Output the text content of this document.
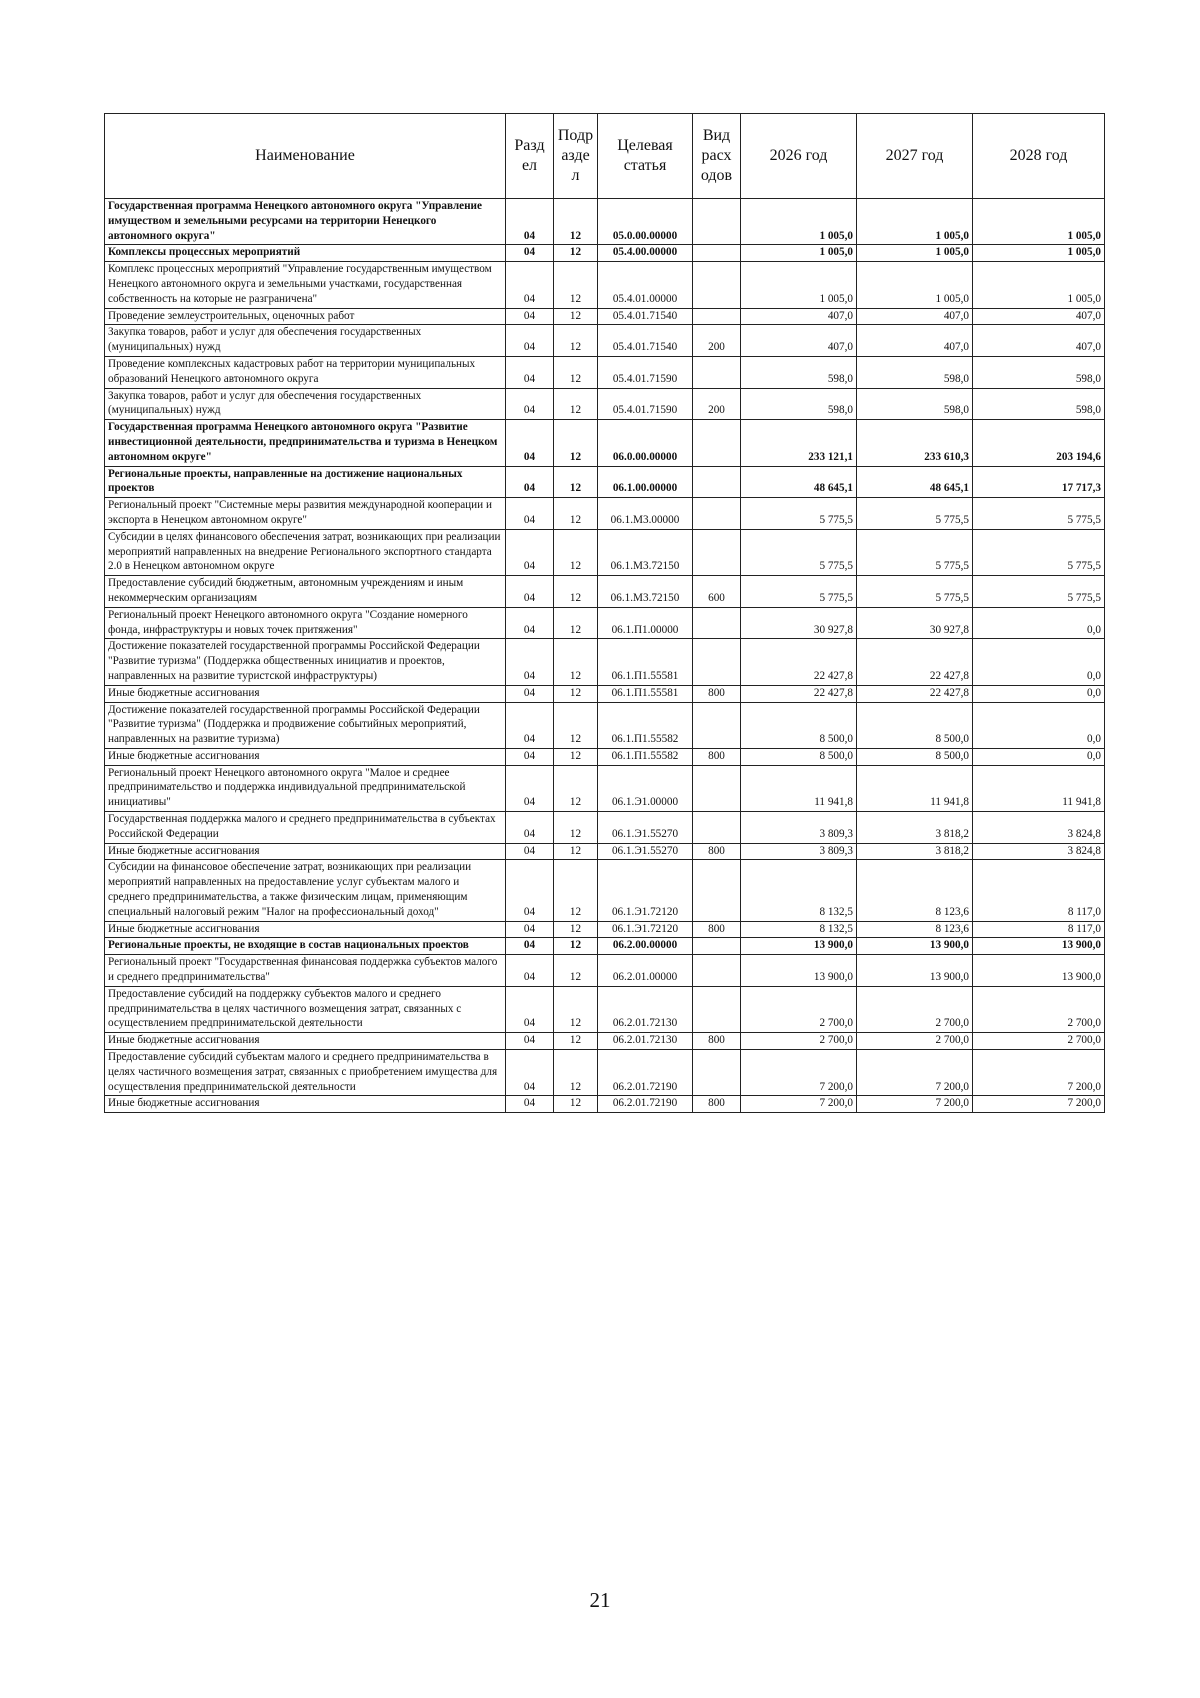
Наименование	Разд ел	Подр азде л	Целевая статья	Вид расх одов	2026 год	2027 год	2028 год
Государственная программа Ненецкого автономного округа "Управление имуществом и земельными ресурсами на территории Ненецкого автономного округа"	04	12	05.0.00.00000		1 005,0	1 005,0	1 005,0
Комплексы процессных мероприятий	04	12	05.4.00.00000		1 005,0	1 005,0	1 005,0
Комплекс процессных мероприятий "Управление государственным имуществом Ненецкого автономного округа и земельными участками, государственная собственность на которые не разграничена"	04	12	05.4.01.00000		1 005,0	1 005,0	1 005,0
Проведение землеустроительных, оценочных работ	04	12	05.4.01.71540		407,0	407,0	407,0
Закупка товаров, работ и услуг для обеспечения государственных (муниципальных) нужд	04	12	05.4.01.71540	200	407,0	407,0	407,0
Проведение комплексных кадастровых работ на территории муниципальных образований Ненецкого автономного округа	04	12	05.4.01.71590		598,0	598,0	598,0
Закупка товаров, работ и услуг для обеспечения государственных (муниципальных) нужд	04	12	05.4.01.71590	200	598,0	598,0	598,0
Государственная программа Ненецкого автономного округа "Развитие инвестиционной деятельности, предпринимательства и туризма в Ненецком автономном округе"	04	12	06.0.00.00000		233 121,1	233 610,3	203 194,6
Региональные проекты, направленные на достижение национальных проектов	04	12	06.1.00.00000		48 645,1	48 645,1	17 717,3
Региональный проект "Системные меры развития международной кооперации и экспорта в Ненецком автономном округе"	04	12	06.1.М3.00000		5 775,5	5 775,5	5 775,5
Субсидии в целях финансового обеспечения затрат, возникающих при реализации мероприятий направленных на внедрение Регионального экспортного стандарта 2.0 в Ненецком автономном округе	04	12	06.1.М3.72150		5 775,5	5 775,5	5 775,5
Предоставление субсидий бюджетным, автономным учреждениям и иным некоммерческим организациям	04	12	06.1.М3.72150	600	5 775,5	5 775,5	5 775,5
Региональный проект Ненецкого автономного округа "Создание номерного фонда, инфраструктуры и новых точек притяжения"	04	12	06.1.П1.00000		30 927,8	30 927,8	0,0
Достижение показателей государственной программы Российской Федерации "Развитие туризма" (Поддержка общественных инициатив и проектов, направленных на развитие туристской инфраструктуры)	04	12	06.1.П1.55581		22 427,8	22 427,8	0,0
Иные бюджетные ассигнования	04	12	06.1.П1.55581	800	22 427,8	22 427,8	0,0
Достижение показателей государственной программы Российской Федерации "Развитие туризма" (Поддержка и продвижение событийных мероприятий, направленных на развитие туризма)	04	12	06.1.П1.55582		8 500,0	8 500,0	0,0
Иные бюджетные ассигнования	04	12	06.1.П1.55582	800	8 500,0	8 500,0	0,0
Региональный проект Ненецкого автономного округа "Малое и среднее предпринимательство и поддержка индивидуальной предпринимательской инициативы"	04	12	06.1.Э1.00000		11 941,8	11 941,8	11 941,8
Государственная поддержка малого и среднего предпринимательства в субъектах Российской Федерации	04	12	06.1.Э1.55270		3 809,3	3 818,2	3 824,8
Иные бюджетные ассигнования	04	12	06.1.Э1.55270	800	3 809,3	3 818,2	3 824,8
Субсидии на финансовое обеспечение затрат, возникающих при реализации мероприятий направленных на предоставление услуг субъектам малого и среднего предпринимательства, а также физическим лицам, применяющим специальный налоговый режим "Налог на профессиональный доход"	04	12	06.1.Э1.72120		8 132,5	8 123,6	8 117,0
Иные бюджетные ассигнования	04	12	06.1.Э1.72120	800	8 132,5	8 123,6	8 117,0
Региональные проекты, не входящие в состав национальных проектов	04	12	06.2.00.00000		13 900,0	13 900,0	13 900,0
Региональный проект "Государственная финансовая поддержка субъектов малого и среднего предпринимательства"	04	12	06.2.01.00000		13 900,0	13 900,0	13 900,0
Предоставление субсидий на поддержку субъектов малого и среднего предпринимательства в целях частичного возмещения затрат, связанных с осуществлением предпринимательской деятельности	04	12	06.2.01.72130		2 700,0	2 700,0	2 700,0
Иные бюджетные ассигнования	04	12	06.2.01.72130	800	2 700,0	2 700,0	2 700,0
Предоставление субсидий субъектам малого и среднего предпринимательства в целях частичного возмещения затрат, связанных с приобретением имущества для осуществления предпринимательской деятельности	04	12	06.2.01.72190		7 200,0	7 200,0	7 200,0
Иные бюджетные ассигнования	04	12	06.2.01.72190	800	7 200,0	7 200,0	7 200,0
21
